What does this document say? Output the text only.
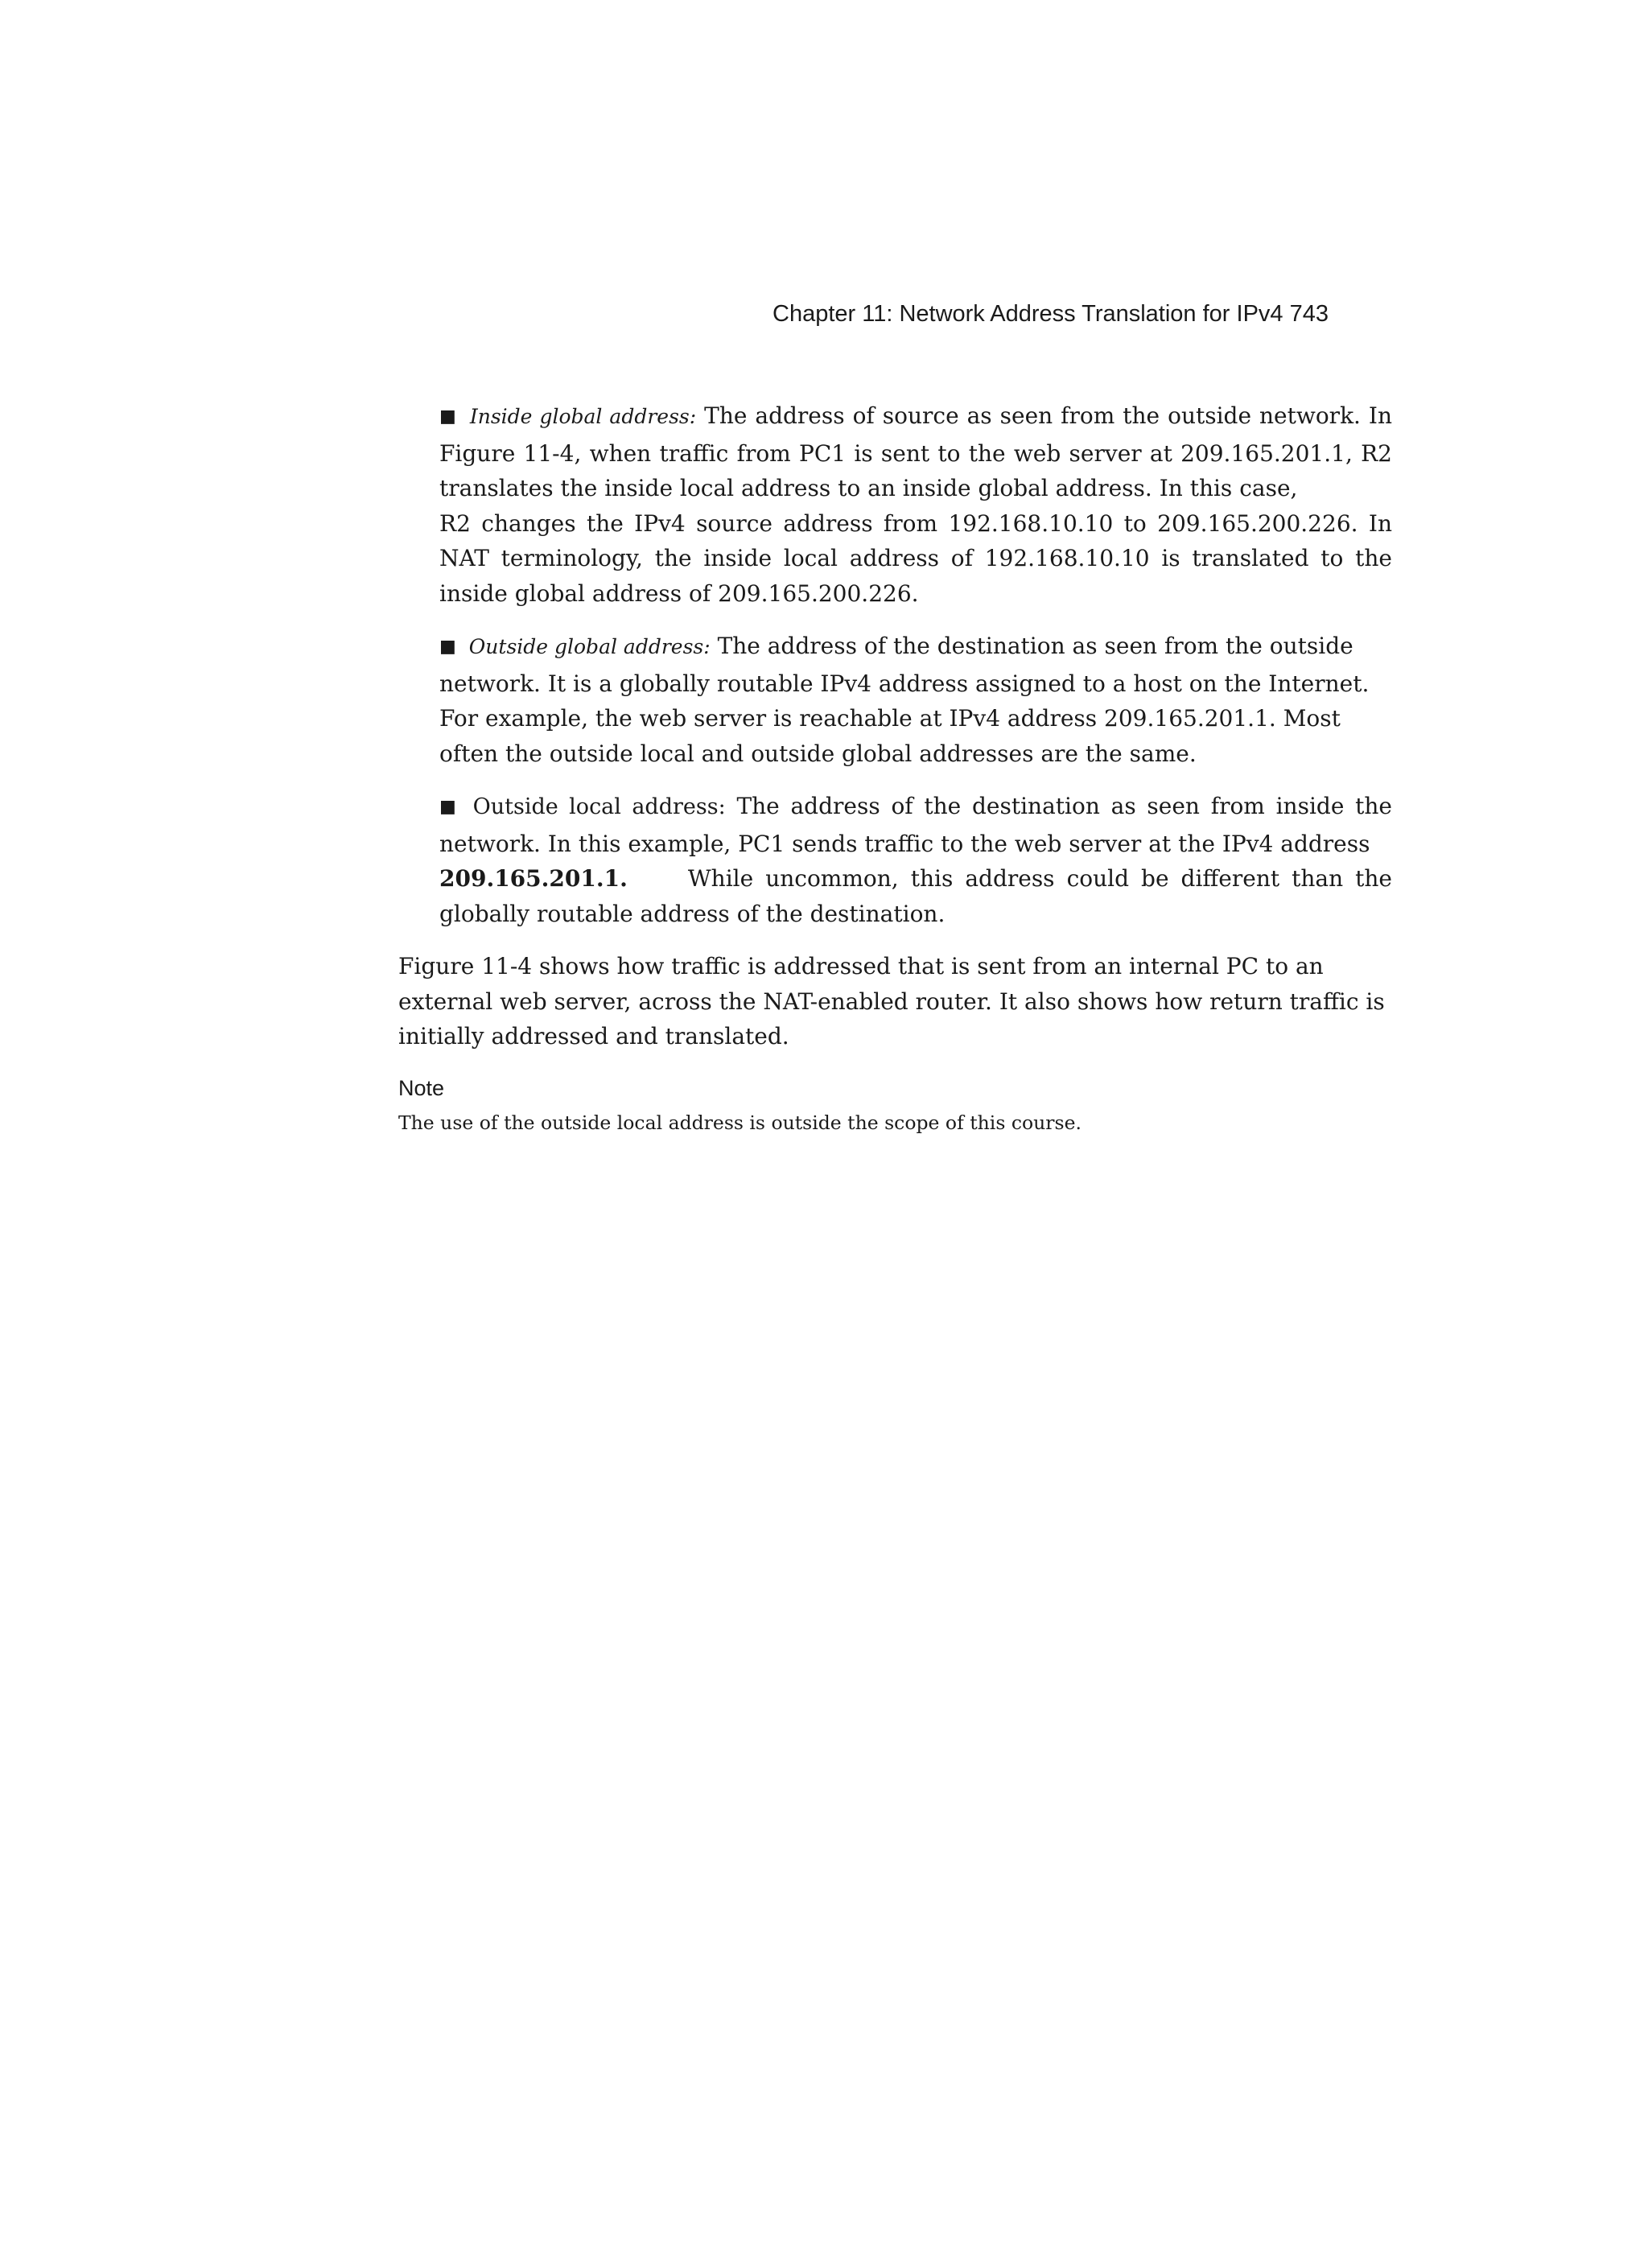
Chapter 11: Network Address Translation for IPv4 743

■ Inside global address: The address of source as seen from the outside network. In Figure 11-4, when traffic from PC1 is sent to the web server at 209.165.201.1, R2 translates the inside local address to an inside global address. In this case,
R2 changes the IPv4 source address from 192.168.10.10 to 209.165.200.226. In NAT terminology, the inside local address of 192.168.10.10 is translated to the inside global address of 209.165.200.226.

■ Outside global address: The address of the destination as seen from the outside network. It is a globally routable IPv4 address assigned to a host on the Internet. For example, the web server is reachable at IPv4 address 209.165.201.1. Most often the outside local and outside global addresses are the same.

■ Outside local address: The address of the destination as seen from inside the network. In this example, PC1 sends traffic to the web server at the IPv4 address
209.165.201.1.	While uncommon, this address could be different than the globally routable address of the destination.

Figure 11-4 shows how traffic is addressed that is sent from an internal PC to an external web server, across the NAT-enabled router. It also shows how return traffic is initially addressed and translated.

Note
The use of the outside local address is outside the scope of this course.
